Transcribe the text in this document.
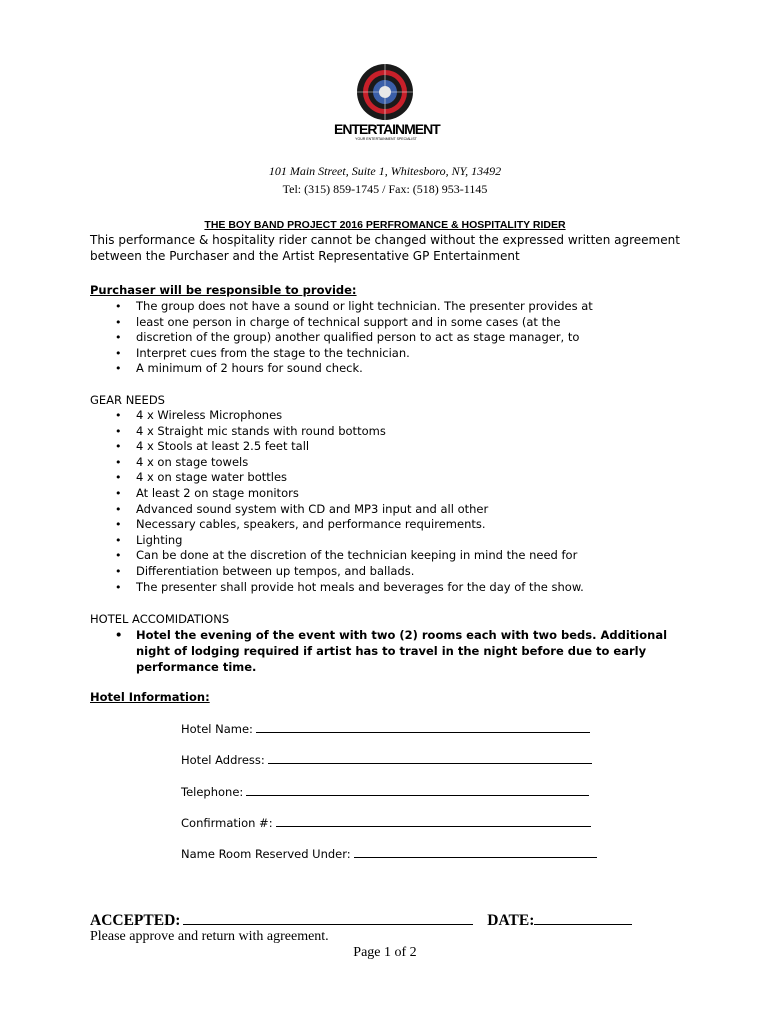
ENTERTAINMENT
YOUR ENTERTAINMENT SPECIALIST
101 Main Street, Suite 1, Whitesboro, NY, 13492
Tel: (315) 859-1745 / Fax: (518) 953-1145
THE BOY BAND PROJECT 2016 PERFROMANCE & HOSPITALITY RIDER
This performance & hospitality rider cannot be changed without the expressed written agreement
between the Purchaser and the Artist Representative GP Entertainment
Purchaser will be responsible to provide:
• The group does not have a sound or light technician. The presenter provides at
• least one person in charge of technical support and in some cases (at the
• discretion of the group) another qualified person to act as stage manager, to
• Interpret cues from the stage to the technician.
• A minimum of 2 hours for sound check.
GEAR NEEDS
• 4 x Wireless Microphones
• 4 x Straight mic stands with round bottoms
• 4 x Stools at least 2.5 feet tall
• 4 x on stage towels
• 4 x on stage water bottles
• At least 2 on stage monitors
• Advanced sound system with CD and MP3 input and all other
• Necessary cables, speakers, and performance requirements.
• Lighting
• Can be done at the discretion of the technician keeping in mind the need for
• Differentiation between up tempos, and ballads.
• The presenter shall provide hot meals and beverages for the day of the show.
HOTEL ACCOMIDATIONS
• Hotel the evening of the event with two (2) rooms each with two beds. Additional night of lodging required if artist has to travel in the night before due to early performance time.
Hotel Information:
Hotel Name:
Hotel Address:
Telephone:
Confirmation #:
Name Room Reserved Under:
ACCEPTED:	DATE:
Please approve and return with agreement.
Page 1 of 2
